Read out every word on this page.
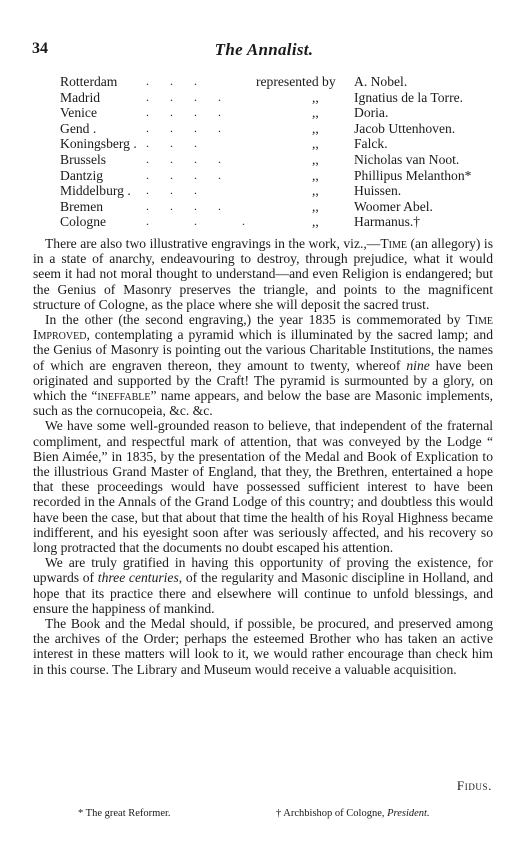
34	The Annalist.
Rotterdam ...	represented by A. Nobel.
Madrid	....	,,	Ignatius de la Torre.
Venice	....	,,	Doria.
Gend .	....	,,	Jacob Uttenhoven.
Koningsberg . ...	,,	Falck.
Brussels	....	,,	Nicholas van Noot.
Dantzig	....	,,	Phillipus Melanthon*
Middelburg . ...	,,	Huissen.
Bremen	....	,,	Woomer Abel.
Cologne	. . .	,,	Harmanus.†

There are also two illustrative engravings in the work, viz.,—Time (an allegory) is in a state of anarchy, endeavouring to destroy, through prejudice, what it would seem it had not moral thought to understand—and even Religion is endangered; but the Genius of Masonry preserves the triangle, and points to the magnificent structure of Cologne, as the place where she will deposit the sacred trust.

In the other (the second engraving,) the year 1835 is commemorated by Time Improved, contemplating a pyramid which is illuminated by the sacred lamp; and the Genius of Masonry is pointing out the various Charitable Institutions, the names of which are engraven thereon, they amount to twenty, whereof nine have been originated and supported by the Craft! The pyramid is surmounted by a glory, on which the “ineffable” name appears, and below the base are Masonic implements, such as the cornucopeia, &c. &c.

We have some well-grounded reason to believe, that independent of the fraternal compliment, and respectful mark of attention, that was conveyed by the Lodge “ Bien Aimée,” in 1835, by the presentation of the Medal and Book of Explication to the illustrious Grand Master of England, that they, the Brethren, entertained a hope that these proceedings would have possessed sufficient interest to have been recorded in the Annals of the Grand Lodge of this country; and doubtless this would have been the case, but that about that time the health of his Royal Highness became indifferent, and his eyesight soon after was seriously affected, and his recovery so long protracted that the documents no doubt escaped his attention.

We are truly gratified in having this opportunity of proving the existence, for upwards of three centuries, of the regularity and Masonic discipline in Holland, and hope that its practice there and elsewhere will continue to unfold blessings, and ensure the happiness of mankind.

The Book and the Medal should, if possible, be procured, and preserved among the archives of the Order; perhaps the esteemed Brother who has taken an active interest in these matters will look to it, we would rather encourage than check him in this course. The Library and Museum would receive a valuable acquisition.

Fidus.
* The great Reformer.	† Archbishop of Cologne, President.
